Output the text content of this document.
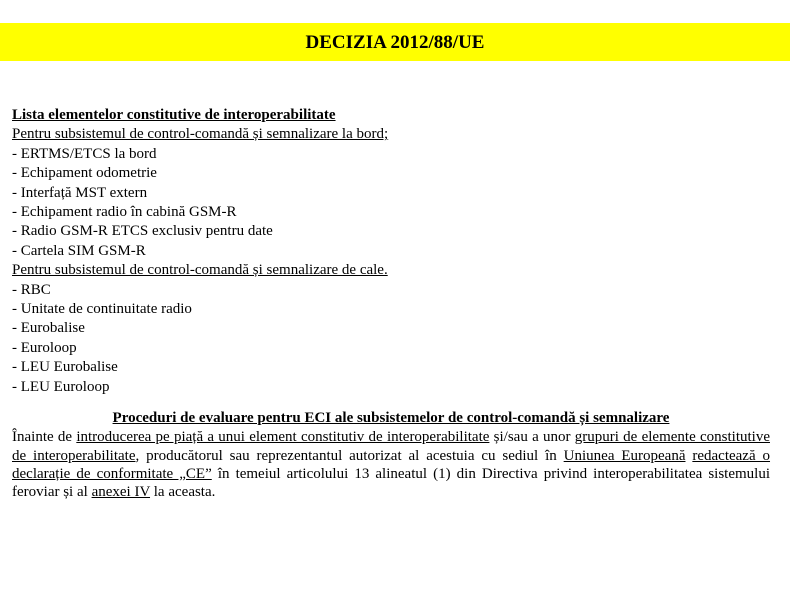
DECIZIA 2012/88/UE
Lista elementelor constitutive de interoperabilitate
Pentru subsistemul de control-comandă și semnalizare la bord;
- ERTMS/ETCS la bord
- Echipament odometrie
- Interfață MST extern
- Echipament radio în cabină GSM-R
- Radio GSM-R ETCS exclusiv pentru date
- Cartela SIM GSM-R
Pentru subsistemul de control-comandă și semnalizare de cale.
- RBC
- Unitate de continuitate radio
- Eurobalise
- Euroloop
- LEU Eurobalise
- LEU Euroloop
Proceduri de evaluare pentru ECI ale subsistemelor de control-comandă și semnalizare
Înainte de introducerea pe piață a unui element constitutiv de interoperabilitate și/sau a unor grupuri de elemente constitutive de interoperabilitate, producătorul sau reprezentantul autorizat al acestuia cu sediul în Uniunea Europeană redactează o declarație de conformitate „CE” în temeiul articolului 13 alineatul (1) din Directiva privind interoperabilitatea sistemului feroviar și al anexei IV la aceasta.
